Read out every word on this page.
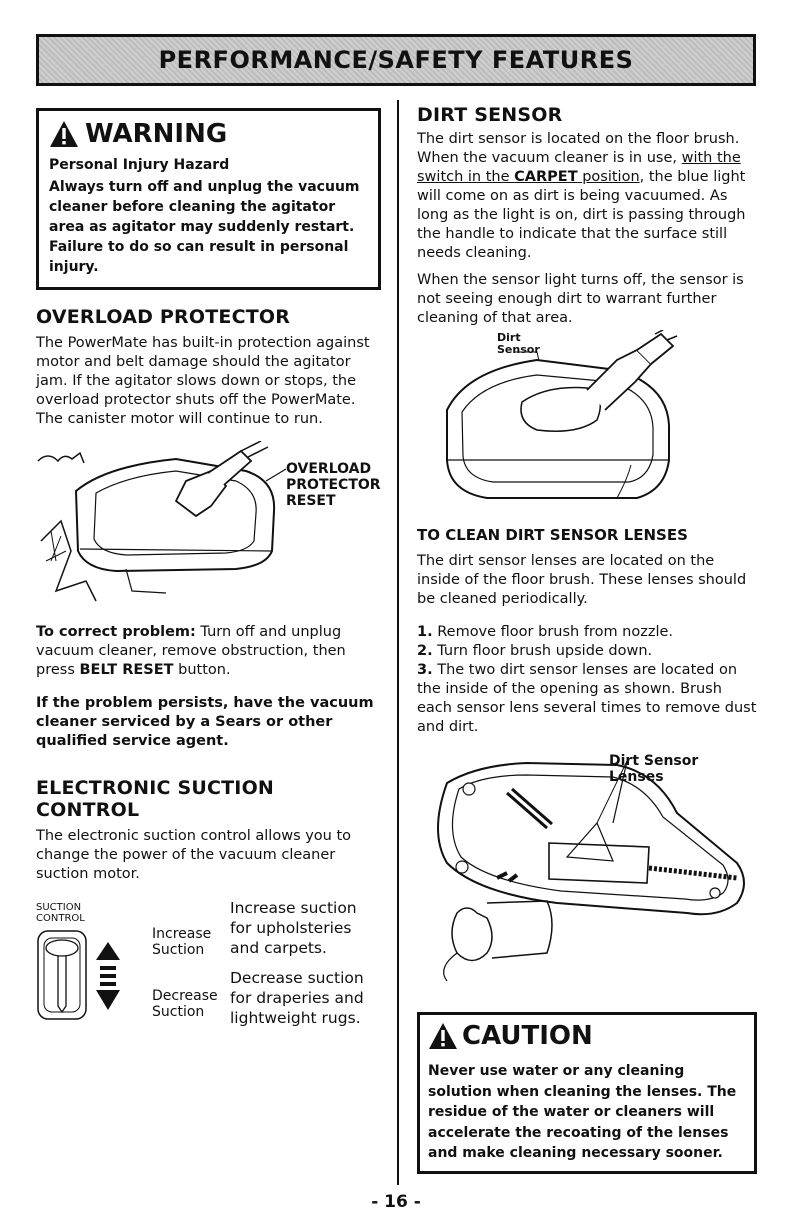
PERFORMANCE/SAFETY FEATURES
WARNING
Personal Injury Hazard
Always turn off and unplug the vacuum cleaner before cleaning the agitator area as agitator may suddenly restart. Failure to do so can result in personal injury.
OVERLOAD PROTECTOR

The PowerMate has built-in protection against motor and belt damage should the agitator jam. If the agitator slows down or stops, the overload protector shuts off the PowerMate. The canister motor will continue to run.

OVERLOAD
PROTECTOR
RESET

To correct problem: Turn off and unplug vacuum cleaner, remove obstruction, then press BELT RESET button.

If the problem persists, have the vacuum cleaner serviced by a Sears or other qualified service agent.

ELECTRONIC SUCTION CONTROL

The electronic suction control allows you to change the power of the vacuum cleaner suction motor.

SUCTION
CONTROL
Increase
Suction
Decrease
Suction
Increase suction
for upholsteries
and carpets.
Decrease suction
for draperies and
lightweight rugs.
DIRT SENSOR

The dirt sensor is located on the floor brush. When the vacuum cleaner is in use, with the switch in the CARPET position, the blue light will come on as dirt is being vacuumed. As long as the light is on, dirt is passing through the handle to indicate that the surface still needs cleaning.

When the sensor light turns off, the sensor is not seeing enough dirt to warrant further cleaning of that area.

Dirt
Sensor
TO CLEAN DIRT SENSOR LENSES

The dirt sensor lenses are located on the inside of the floor brush. These lenses should be cleaned periodically.

1. Remove floor brush from nozzle.

2. Turn floor brush upside down.

3. The two dirt sensor lenses are located on the inside of the opening as shown. Brush each sensor lens several times to remove dust and dirt.

Dirt Sensor
Lenses
CAUTION
Never use water or any cleaning solution when cleaning the lenses. The residue of the water or cleaners will accelerate the recoating of the lenses and make cleaning necessary sooner.
- 16 -
